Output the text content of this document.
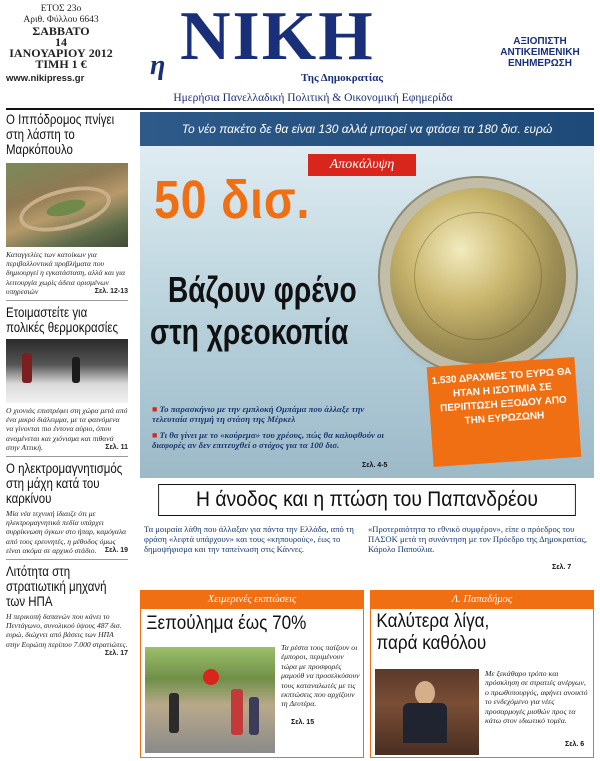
ΕΤΟΣ 23ο
Αριθ. Φύλλου 6643
ΣΑΒΒΑΤΟ
14
ΙΑΝΟΥΑΡΙΟΥ 2012
ΤΙΜΗ 1 €
www.nikipress.gr	η ΝΙΚΗ
Της Δημοκρατίας
Ημερήσια Πανελλαδική Πολιτική & Οικονομική Εφημερίδα
ΑΞΙΟΠΙΣΤΗ
ΑΝΤΙΚΕΙΜΕΝΙΚΗ
ΕΝΗΜΕΡΩΣΗ
Ο Ιππόδρομος πνίγει στη λάσπη το Μαρκόπουλο
Καταγγελίες των κατοίκων για περιβαλλοντικά προβλήματα που δημιουργεί η εγκατάσταση, αλλά και για λειτουργία χωρίς άδεια ορισμένων υπηρεσιών	Σελ. 12-13
Ετοιμαστείτε για πολικές θερμοκρασίες
Ο χιονιάς επιστρέφει στη χώρα μετά από ένα μικρό διάλειμμα, με τα φαινόμενα να γίνονται πιο έντονα αύριο, όπου αναμένεται και χιόνισμα και πιθανά στην Αττική.	Σελ. 11
Ο ηλεκτρομαγνητισμός στη μάχη κατά του καρκίνου
Μία νέα τεχνική ίδιαιζε ότι με ηλεκτρομαγνητικά πεδία υπάρχει συρρίκνωση όγκων στο ήπαρ, καμόγαλα από τους ερευνητές, η μέθοδος όμως είναι ακόμα σε αρχικό στάδιο. Σελ. 19
Λιτότητα στη στρατιωτική μηχανή των ΗΠΑ
Η περικοπή δαπανών που κάνει το Πεντάγωνο, συνολικού ύψους 487 δισ. ευρώ, διώχνει από βάσεις των ΗΠΑ στην Ευρώπη περίπου 7.000 στρατιώτες.
Σελ. 17
Το νέο πακέτο δε θα είναι 130 αλλά μπορεί να φτάσει τα 180 δισ. ευρώ
Αποκάλυψη
50 δισ.
Βάζουν φρένο
στη χρεοκοπία
1.530 ΔΡΑΧΜΕΣ ΤΟ ΕΥΡΩ ΘΑ ΗΤΑΝ Η ΙΣΟΤΙΜΙΑ ΣΕ ΠΕΡΙΠΤΩΣΗ ΕΞΟΔΟΥ ΑΠΟ ΤΗΝ ΕΥΡΩΖΩΝΗ
■ Το παρασκήνιο με την εμπλοκή Ομπάμα που άλλαξε την τελευταία στιγμή τη στάση της Μέρκελ
■ Τι θα γίνει με το «κούρεμα» του χρέους, πώς θα καλυφθούν οι διαφορές αν δεν επιτευχθεί ο στόχος για τα 100 δισ.
Σελ. 4-5
Η άνοδος και η πτώση του Παπανδρέου
Τα μοιραία λάθη που άλλαξαν για πάντα την Ελλάδα, από τη φράση «λεφτά υπάρχουν» και τους «κηπουρούς», έως το δημοψήφισμα και την ταπείνωση στις Κάννες.
«Προτεραιότητα το εθνικό συμφέρον», είπε ο πρόεδρος του ΠΑΣΟΚ μετά τη συνάντηση με τον Πρόεδρο της Δημοκρατίας, Κάρολο Παπούλια.
Σελ. 7
Χειμερινές εκπτώσεις
Ξεπούλημα έως 70%
Τα ρέστα τους παίζουν οι έμποροι, περιμένουν τώρα με προσφορές μαμούθ να προσελκύσουν τους καταναλωτές με τις εκπτώσεις που αρχίζουν τη Δευτέρα.
Σελ. 15
Λ. Παπαδήμος
Καλύτερα λίγα,
παρά καθόλου
Με ξεκάθαρο τρόπο και πρόσκληση σε στρατιές ανέργων, ο πρωθυπουργός, αφήνει ανοικτό το ενδεχόμενο για νέες προσαρμογές μισθών προς τα κάτω στον ιδιωτικό τομέα.
Σελ. 6
